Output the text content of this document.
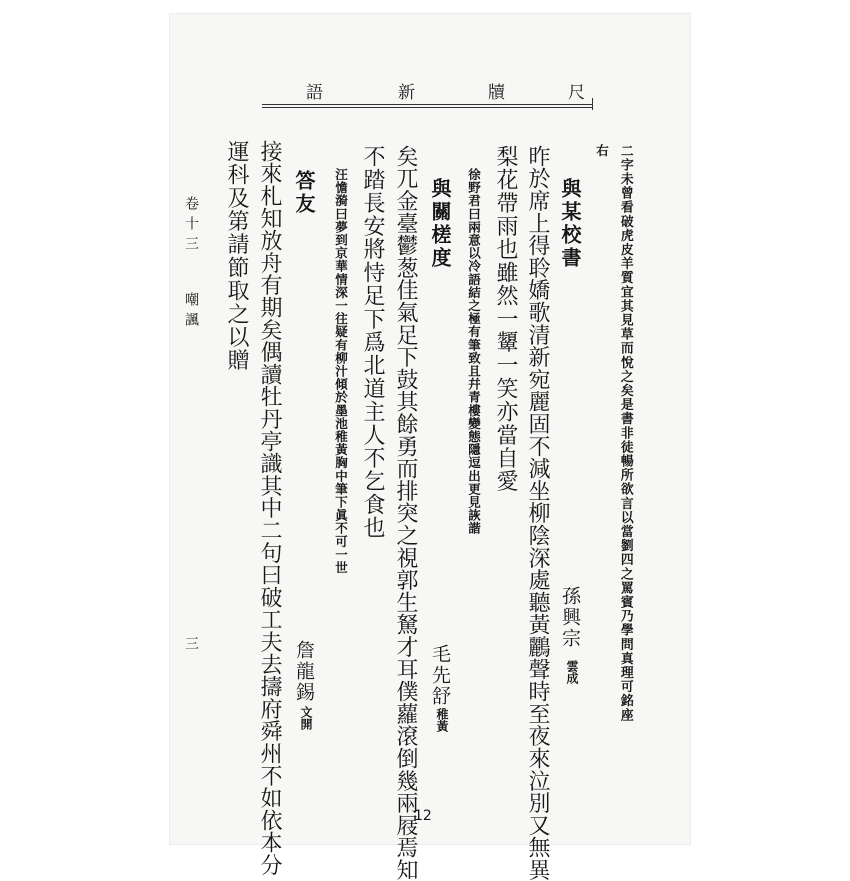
尺
牘
新
語
二字未曾看破虎皮羊質宜其見草而悅之矣是書非徒暢所欲言以當劉四之罵賓乃學問真理可銘座
右
與某校書
孫興宗
雲成
昨於席上得聆嬌歌清新宛麗固不減坐柳陰深處聽黃鸝聲時至夜來泣別又無異
梨花帶雨也雖然一顰一笑亦當自愛
徐野君曰兩意以冷語結之極有筆致且幷青樓變態隱逗出更見詼諧
與關槎度
毛先舒
稚黃
矣兀金臺鬱葱佳氣足下鼓其餘勇而排突之視郭生駑才耳僕蘿滾倒幾兩屐焉知
不踏長安將恃足下爲北道主人不乞食也
汪憺漪曰夢到京華情深一往疑有柳汁傾於墨池稚黃胸中筆下眞不可一世
答友
詹龍錫
文開
接來札知放舟有期矣偶讀牡丹亭識其中二句曰破工夫去擣府舜州不如依本分
運科及第請節取之以贈
卷十三
嘲諷
三
12
